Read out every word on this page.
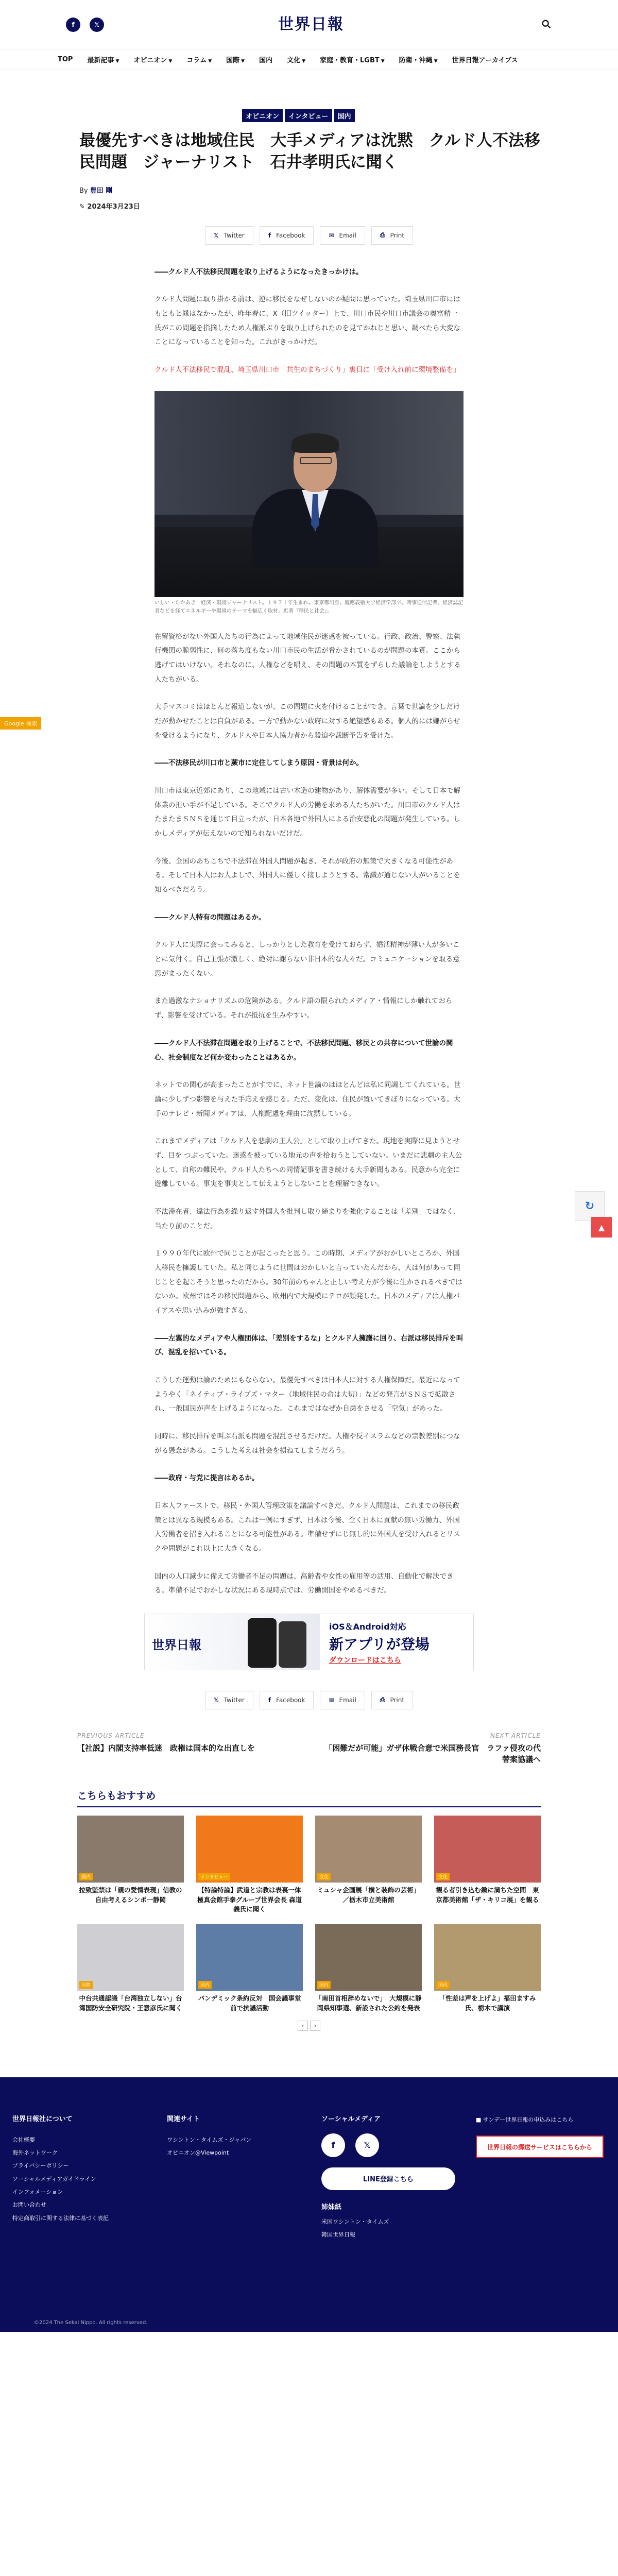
f	𝕏	世界日報
TOP 最新記事 ▼ オピニオン ▼ コラム ▼ 国際 ▼ 国内 文化 ▼ 家庭・教育・LGBT ▼ 防衛・沖縄 ▼ 世界日報アーカイブス
Google 検索
↻
▲
オピニオン	インタビュー	国内
最優先すべきは地域住民　大手メディアは沈黙　クルド人不法移民問題　ジャーナリスト　石井孝明氏に聞く
By 豊田 剛
✎ 2024年3月23日
𝕏 Twitter	f Facebook	✉ Email	⎙ Print

――クルド人不法移民問題を取り上げるようになったきっかけは。

クルド人問題に取り掛かる前は、逆に移民をなぜしないのか疑問に思っていた。埼玉県川口市にはもともと縁はなかったが、昨年春に、X（旧ツイッター）上で、川口市民や川口市議会の奥富精一氏がこの問題を指摘したため人権派ぶりを取り上げられたのを見てかねじと思い、調べたら大変なことになっていることを知った。これがきっかけだ。

クルド人不法移民で混乱、埼玉県川口市「共生のまちづくり」裏目に「受け入れ前に環境整備を」

いしい・たかあき　経済・環境ジャーナリスト。１９７１年生まれ。東京都出身。慶應義塾大学経済学部卒。時事通信記者、経済誌記者などを経てエネルギーや環境のテーマを幅広く取材。近著『移民と社会』。

在留資格がない外国人たちの行為によって地域住民が迷惑を被っている。行政、政治、警察、法執行機関の脆弱性に、何の落ち度もない川口市民の生活が脅かされているのが問題の本質。ここから逃げてはいけない。それなのに、人権などを唱え、その問題の本質をずらした議論をしようとする人たちがいる。

大手マスコミはほとんど報道しないが、この問題に火を付けることができ、言葉で世論を少しだけだが動かせたことは自負がある。一方で動かない政府に対する絶望感もある。個人的には嫌がらせを受けるようになり、クルド人や日本人協力者から殺迫や裁断予告を受けた。

――不法移民が川口市と蕨市に定住してしまう原因・背景は何か。

川口市は東京近郊にあり、この地域には古い木造の建物があり、解体需要が多い。そして日本で解体業の担い手が不足している。そこでクルド人の労働を求める人たちがいた。川口市のクルド人はたまたまＳＮＳを通じて目立ったが、日本各地で外国人による治安悪化の問題が発生している。しかしメディアが伝えないので知られないだけだ。

今後、全国のあちこちで不法滞在外国人問題が起き、それが政府の無策で大きくなる可能性がある。そして日本人はお人よしで、外国人に優しく接しようとする。常識が通じない人がいることを知るべきだろう。

――クルド人特有の問題はあるか。

クルド人に実際に会ってみると、しっかりとした教育を受けておらず、婚活精神が薄い人が多いことに気付く。自己主張が激しく、絶対に謝らない非日本的な人々だ。コミュニケーションを取る意思がまったくない。

また過激なナショナリズムの危険がある。クルド語の限られたメディア・情報にしか触れておらず、影響を受けている。それが抵抗を生みやすい。

――クルド人不法滞在問題を取り上げることで、不法移民問題、移民との共存について世論の関心、社会制度など何か変わったことはあるか。

ネットでの関心が高まったことがすでに、ネット世論のはほとんどは私に同調してくれている。世論に少しずつ影響を与えた手応えを感じる。ただ、変化は、住民が置いてきぼりになっている。大手のテレビ・新聞メディアは、人権配慮を理由に沈黙している。

これまでメディアは「クルド人を悲劇の主人公」として取り上げてきた。現地を実際に見ようとせず、目を つぶっていた。迷惑を被っている地元の声を拾おうとしていない。いまだに悲劇の主人公として、自称の難民や、クルド人たちへの同情記事を書き続ける大手新聞もある。民意から完全に遊離している。事実を事実として伝えようとしないことを理解できない。

不法滞在者、違法行為を繰り返す外国人を批判し取り締まりを強化することは「差別」ではなく、当たり前のことだ。

１９９０年代に欧州で同じことが起こったと思う。この時期、メディアがおかしいところか、外国人移民を擁護していた。私と同じように世間はおかしいと言っていたんだから、人は何があって同じことを起こそうと思ったのだから。30年前のちゃんと正しい考え方が今後に生かされるべきではないか。欧州ではその移民問題から、欧州内で大規模にテロが頻発した。日本のメディアは人権バイアスや思い込みが強すぎる。

――左翼的なメディアや人権団体は、「差別をするな」とクルド人擁護に回り、右派は移民排斥を叫び、混乱を招いている。

こうした運動は論のためにもならない。最優先すべきは日本人に対する人権保障だ。最近になってようやく「ネイティブ・ライブズ・マター（地域住民の命は大切）」などの発言がＳＮＳで拡散され、一般国民が声を上げるようになった。これまではなぜか自粛をさせる「空気」があった。

同時に、移民排斥を叫ぶ右派も問題を混乱させるだけだ。人権や反イスラムなどの宗教差別につながる懸念がある。こうした考えは社会を損ねてしまうだろう。

――政府・与党に提言はあるか。

日本人ファーストで、移民・外国人管理政策を議論すべきだ。クルド人問題は、これまでの移民政策とは異なる規模もある。これは一例にすぎず、日本は今後、全く日本に貢献の無い労働力、外国人労働者を招き入れることになる可能性がある。準備せずにじ無し的に外国人を受け入れるとリスクや問題がこれ以上に大きくなる。

国内の人口減少に備えて労働者不足の問題は、高齢者や女性の雇用等の活用、自動化で解決できる。準備不足でおかしな状況にある現時点では、労働開国をやめるべきだ。

世界日報
iOS＆Android対応
新アプリが登場
ダウンロードはこちら
𝕏 Twitter	f Facebook	✉ Email	⎙ Print
PREVIOUS ARTICLE
【社説】内閣支持率低迷　政権は国本的な出直しを
NEXT ARTICLE
「困難だが可能」ガザ休戦合意で米国務長官　ラファ侵攻の代替案協議へ
こちらもおすすめ
国内
拉致監禁は「親の愛情表現」信教の自由考えるシンポ一静岡
インタビュー
【特論特論】武道と宗教は表裏一体　極真会館手拳グループ世界会長 森道義氏に聞く
文化
ミュシャ企画展「横と装飾の芸術」／栃木市立美術館
文化
観る者引き込む緻に満ちた空間　東京都美術館「ザ・キリコ展」を観る
国際
中台共通認識「台湾独立しない」台湾国防安全研究院・王意彦氏に聞く
国内
パンデミック条約反対　国会議事堂前で抗議活動
国内
「南田首相辞めないで」　大規模に静岡県知事選、新設された公約を発表
国内
「性差は声を上げよ」福田ますみ氏、栃木で講演
‹	›
世界日報社について
会社概要
海外ネットワーク
プライバシーポリシー
ソーシャルメディアガイドライン
インフォメーション
お問い合わせ
特定商取引に関する法律に基づく表記
関連サイト
ワシントン・タイムズ・ジャパン
オピニオン@Viewpoint
ソーシャルメディア
f	𝕏
LINE登録こちら
姉妹紙
米国ワシントン・タイムズ
韓国世界日報
■ サンデー世界日報の申込みはこちら
世界日報の郵送サービスはこちらから
©2024 The Sekai Nippo. All rights reserved.
